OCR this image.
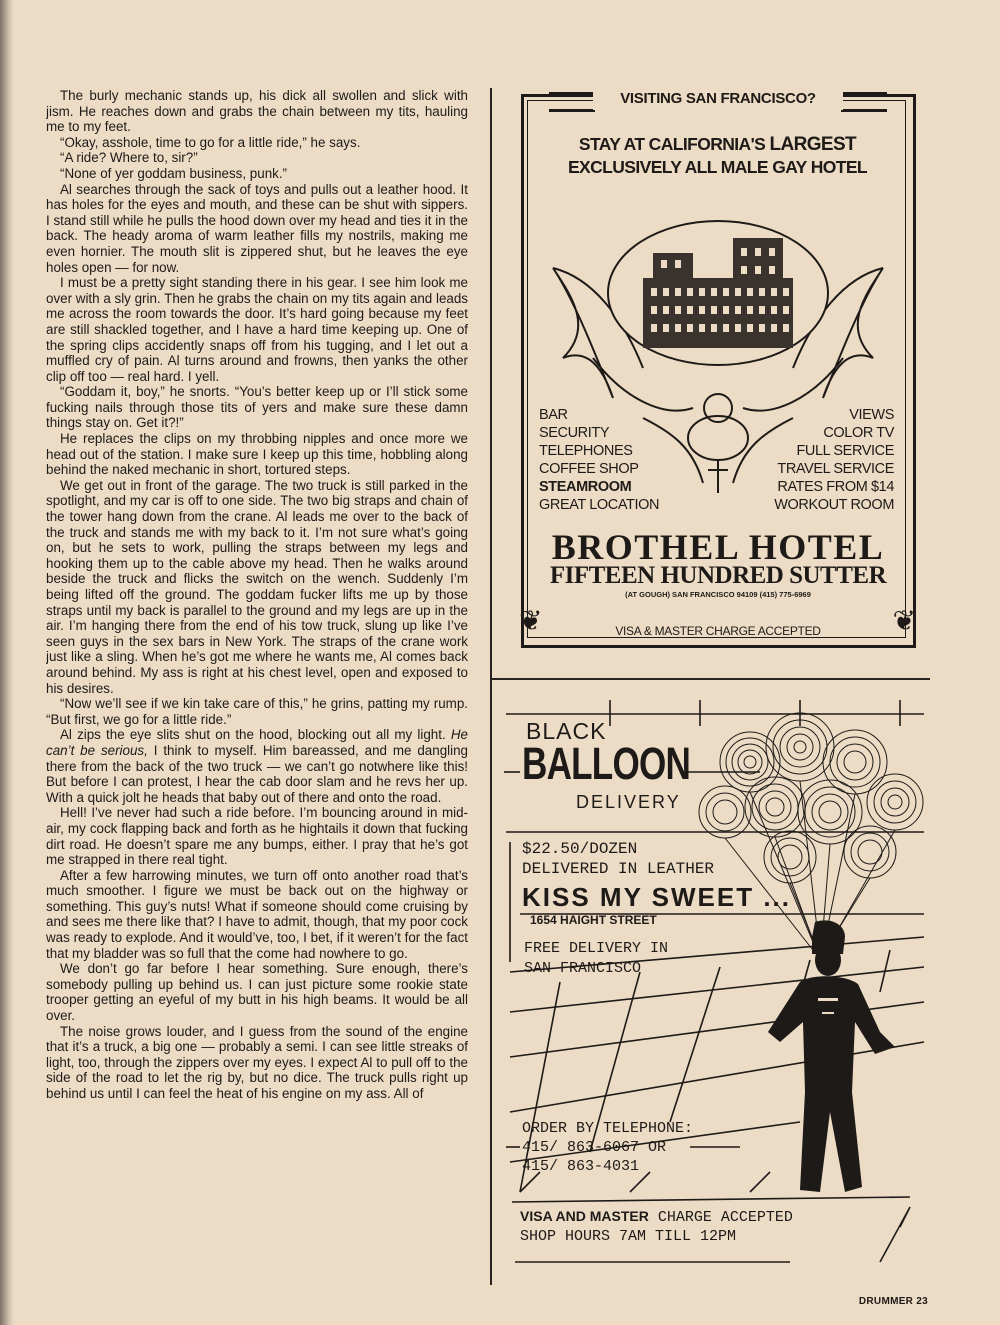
The burly mechanic stands up, his dick all swollen and slick with jism. He reaches down and grabs the chain between my tits, hauling me to my feet.

“Okay, asshole, time to go for a little ride,” he says.

“A ride? Where to, sir?”

“None of yer goddam business, punk.”

Al searches through the sack of toys and pulls out a leather hood. It has holes for the eyes and mouth, and these can be shut with sippers. I stand still while he pulls the hood down over my head and ties it in the back. The heady aroma of warm leather fills my nostrils, making me even hornier. The mouth slit is zippered shut, but he leaves the eye holes open — for now.

I must be a pretty sight standing there in his gear. I see him look me over with a sly grin. Then he grabs the chain on my tits again and leads me across the room towards the door. It’s hard going because my feet are still shackled together, and I have a hard time keeping up. One of the spring clips accidently snaps off from his tugging, and I let out a muffled cry of pain. Al turns around and frowns, then yanks the other clip off too — real hard. I yell.

“Goddam it, boy,” he snorts. “You’s better keep up or I’ll stick some fucking nails through those tits of yers and make sure these damn things stay on. Get it?!”

He replaces the clips on my throbbing nipples and once more we head out of the station. I make sure I keep up this time, hobbling along behind the naked mechanic in short, tortured steps.

We get out in front of the garage. The two truck is still parked in the spotlight, and my car is off to one side. The two big straps and chain of the tower hang down from the crane. Al leads me over to the back of the truck and stands me with my back to it. I’m not sure what’s going on, but he sets to work, pulling the straps between my legs and hooking them up to the cable above my head. Then he walks around beside the truck and flicks the switch on the wench. Suddenly I’m being lifted off the ground. The goddam fucker lifts me up by those straps until my back is parallel to the ground and my legs are up in the air. I’m hanging there from the end of his tow truck, slung up like I’ve seen guys in the sex bars in New York. The straps of the crane work just like a sling. When he’s got me where he wants me, Al comes back around behind. My ass is right at his chest level, open and exposed to his desires.

“Now we’ll see if we kin take care of this,” he grins, patting my rump. “But first, we go for a little ride.”

Al zips the eye slits shut on the hood, blocking out all my light. He can’t be serious, I think to myself. Him bareassed, and me dangling there from the back of the two truck — we can’t go notwhere like this! But before I can protest, I hear the cab door slam and he revs her up. With a quick jolt he heads that baby out of there and onto the road.

Hell! I’ve never had such a ride before. I’m bouncing around in mid-air, my cock flapping back and forth as he hightails it down that fucking dirt road. He doesn’t spare me any bumps, either. I pray that he’s got me strapped in there real tight.

After a few harrowing minutes, we turn off onto another road that’s much smoother. I figure we must be back out on the highway or something. This guy’s nuts! What if someone should come cruising by and sees me there like that? I have to admit, though, that my poor cock was ready to explode. And it would’ve, too, I bet, if it weren’t for the fact that my bladder was so full that the come had nowhere to go.

We don’t go far before I hear something. Sure enough, there’s somebody pulling up behind us. I can just picture some rookie state trooper getting an eyeful of my butt in his high beams. It would be all over.

The noise grows louder, and I guess from the sound of the engine that it’s a truck, a big one — probably a semi. I can see little streaks of light, too, through the zippers over my eyes. I expect Al to pull off to the side of the road to let the rig by, but no dice. The truck pulls right up behind us until I can feel the heat of his engine on my ass. All of

VISITING SAN FRANCISCO?
STAY AT CALIFORNIA'S LARGEST
EXCLUSIVELY ALL MALE GAY HOTEL
BAR
SECURITY
TELEPHONES
COFFEE SHOP
STEAMROOM
GREAT LOCATION
VIEWS
COLOR TV
FULL SERVICE
TRAVEL SERVICE
RATES FROM $14
WORKOUT ROOM
BROTHEL HOTEL
FIFTEEN HUNDRED SUTTER
(AT GOUGH) SAN FRANCISCO 94109 (415) 775-6969
VISA & MASTER CHARGE ACCEPTED
❦	❦
BLACK
BALLOON
DELIVERY
$22.50/DOZEN
DELIVERED IN LEATHER
KISS MY SWEET ...
1654 HAIGHT STREET
FREE DELIVERY IN
SAN FRANCISCO
ORDER BY TELEPHONE:
415/ 863-6067 OR
415/ 863-4031
VISA AND MASTER CHARGE ACCEPTED
SHOP HOURS 7AM TILL 12PM
DRUMMER 23
